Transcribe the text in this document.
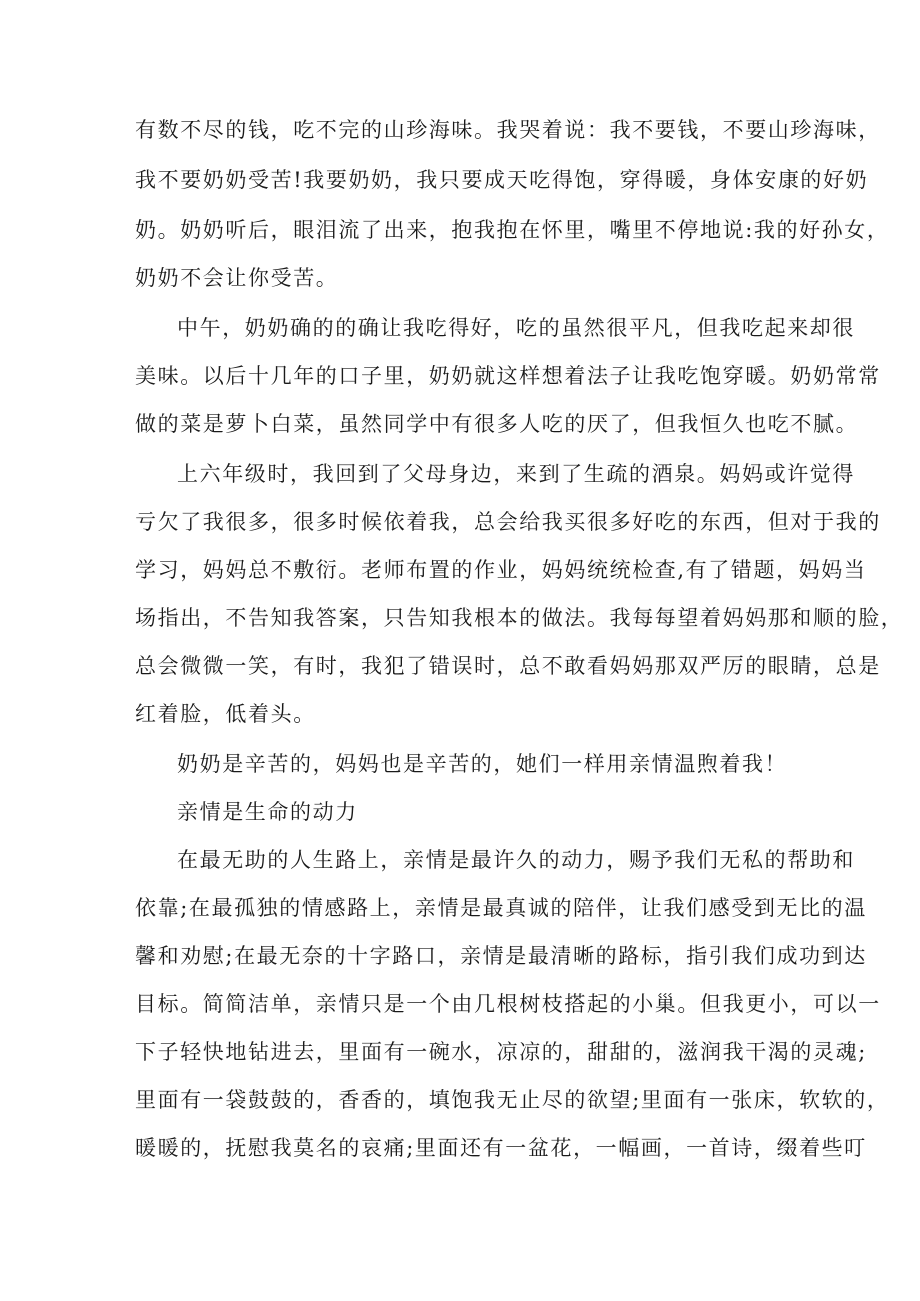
有数不尽的钱，吃不完的山珍海味。我哭着说：我不要钱，不要山珍海味，
我不要奶奶受苦!我要奶奶，我只要成天吃得饱，穿得暖，身体安康的好奶
奶。奶奶听后，眼泪流了出来，抱我抱在怀里，嘴里不停地说:我的好孙女，
奶奶不会让你受苦。
中午，奶奶确的的确让我吃得好，吃的虽然很平凡，但我吃起来却很
美味。以后十几年的口子里，奶奶就这样想着法子让我吃饱穿暖。奶奶常常
做的菜是萝卜白菜，虽然同学中有很多人吃的厌了，但我恒久也吃不腻。
上六年级时，我回到了父母身边，来到了生疏的酒泉。妈妈或许觉得
亏欠了我很多，很多时候依着我，总会给我买很多好吃的东西，但对于我的
学习，妈妈总不敷衍。老师布置的作业，妈妈统统检查,有了错题，妈妈当
场指出，不告知我答案，只告知我根本的做法。我每每望着妈妈那和顺的脸，
总会微微一笑，有时，我犯了错误时，总不敢看妈妈那双严厉的眼睛，总是
红着脸，低着头。
奶奶是辛苦的，妈妈也是辛苦的，她们一样用亲情温煦着我！
亲情是生命的动力
在最无助的人生路上，亲情是最许久的动力，赐予我们无私的帮助和
依靠;在最孤独的情感路上，亲情是最真诚的陪伴，让我们感受到无比的温
馨和劝慰;在最无奈的十字路口，亲情是最清晰的路标，指引我们成功到达
目标。简简洁单，亲情只是一个由几根树枝搭起的小巢。但我更小，可以一
下子轻快地钻进去，里面有一碗水，凉凉的，甜甜的，滋润我干渴的灵魂;
里面有一袋鼓鼓的，香香的，填饱我无止尽的欲望;里面有一张床，软软的，
暖暖的，抚慰我莫名的哀痛;里面还有一盆花，一幅画，一首诗，缀着些叮
